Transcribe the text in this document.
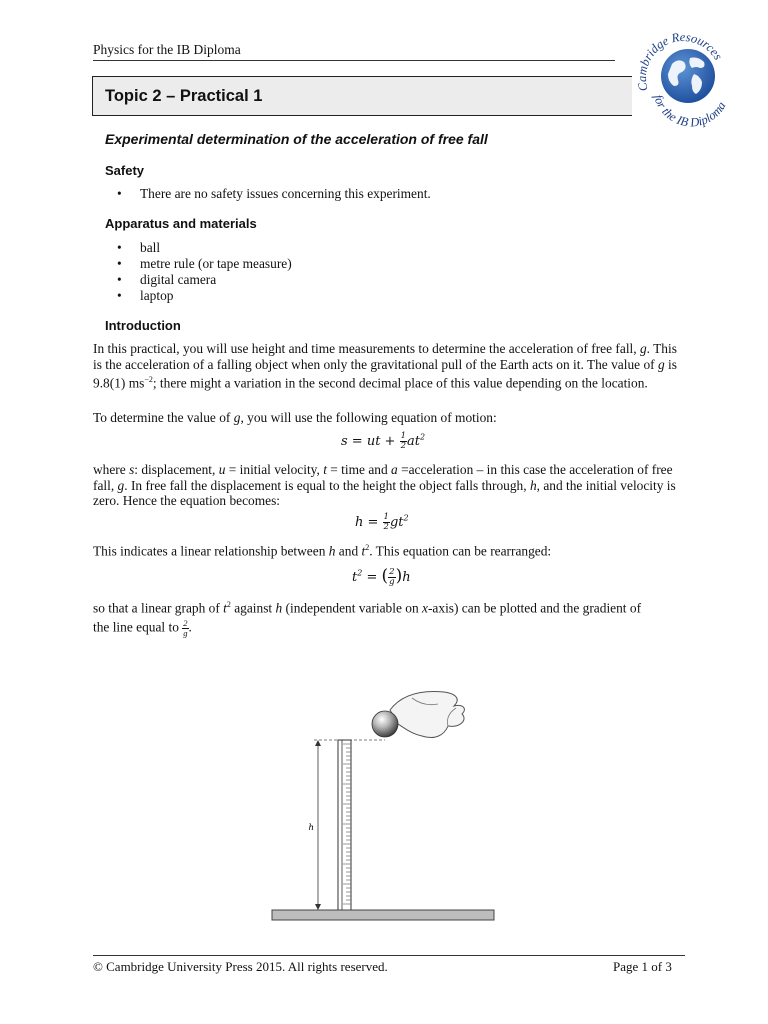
Physics for the IB Diploma
Cambridge Resources
for the IB Diploma
Topic 2 – Practical 1
Experimental determination of the acceleration of free fall
Safety
• There are no safety issues concerning this experiment.
Apparatus and materials
• ball
• metre rule (or tape measure)
• digital camera
• laptop
Introduction
In this practical, you will use height and time measurements to determine the acceleration of free fall, g. This is the acceleration of a falling object when only the gravitational pull of the Earth acts on it. The value of g is 9.8(1) $ms^{-2}$; there might a variation in the second decimal place of this value depending on the location.
To determine the value of g, you will use the following equation of motion:
s = ut + $\frac{1}{2} at^2$
where s: displacement, u = initial velocity, t = time and a =acceleration – in this case the acceleration of free fall, g. In free fall the displacement is equal to the height the object falls through, h, and the initial velocity is zero. Hence the equation becomes:
$h = \frac{1}{2} gt^2$
This indicates a linear relationship between h and $t^2$. This equation can be rearranged:
$t^2$ = ( $\frac{2}{g} )h$
so that a linear graph of $t^2$ against h (independent variable on x-axis) can be plotted and the gradient of
the line equal to $\frac{2}{g}$ .
h
© Cambridge University Press 2015. All rights reserved.	Page 1 of 3
